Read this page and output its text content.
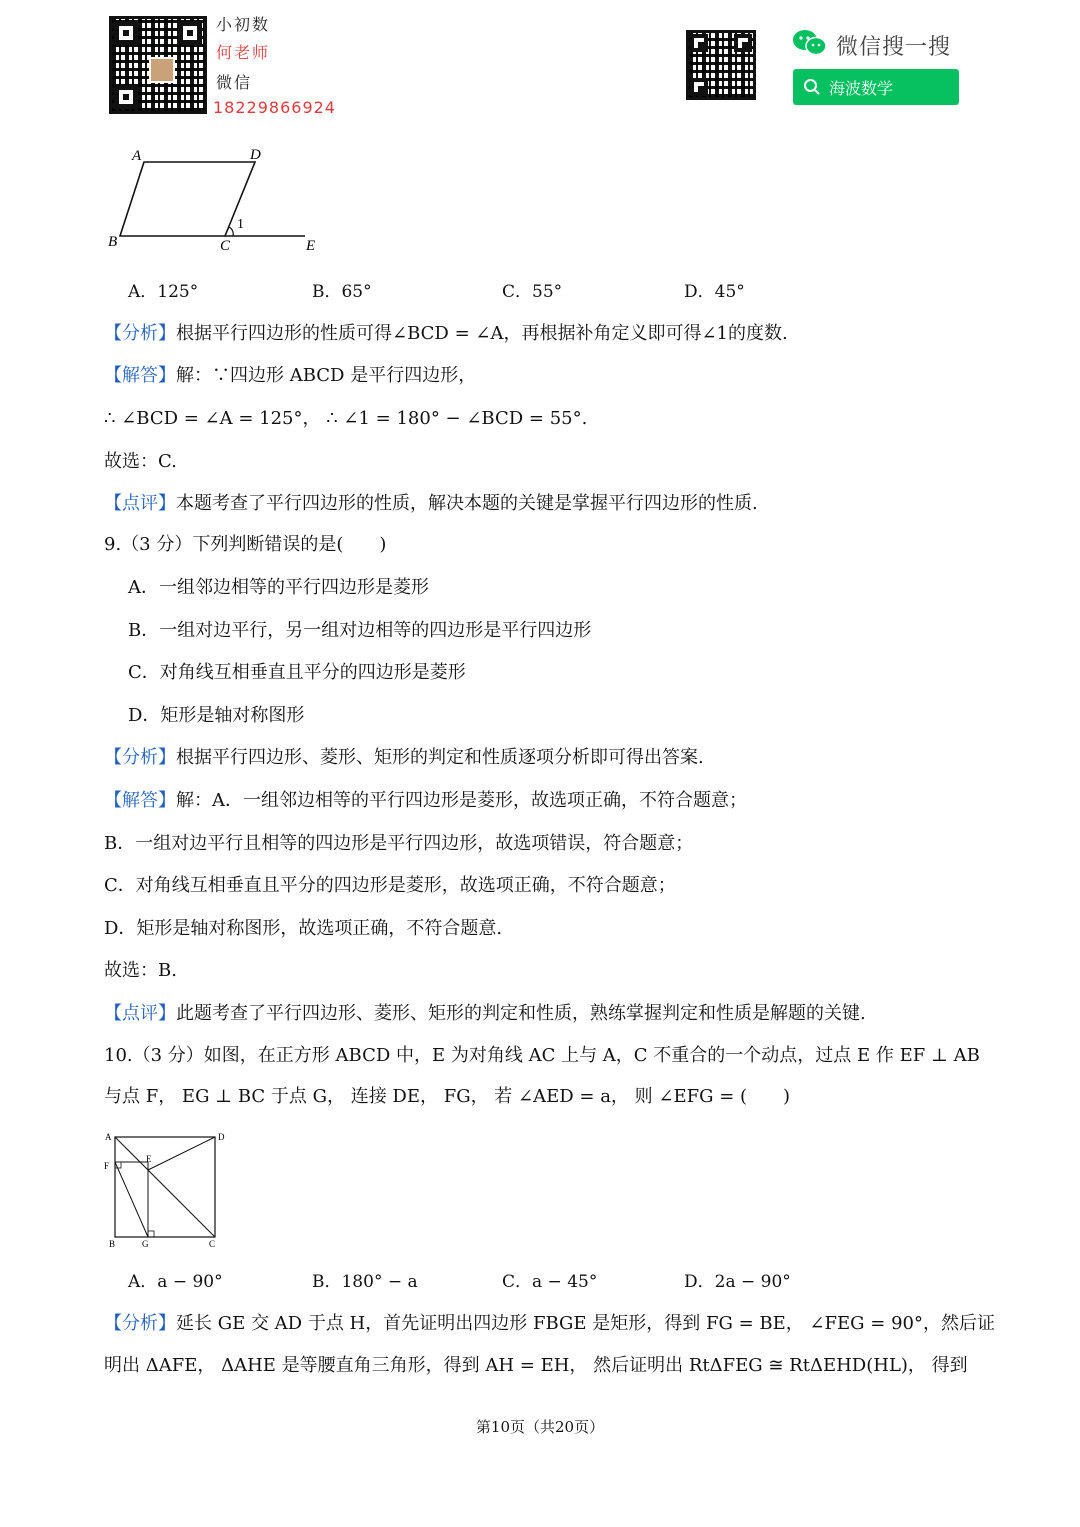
小初数
何老师
微信
18229866924
微信搜一搜
海波数学
A	D
B	C	E
1
A．125°	B．65°	C．55°	D．45°
【分析】根据平行四边形的性质可得∠BCD = ∠A，再根据补角定义即可得∠1的度数.
【解答】解：∵四边形 ABCD 是平行四边形，
∴ ∠BCD = ∠A = 125°， ∴ ∠1 = 180° − ∠BCD = 55°.
故选：C.
【点评】本题考查了平行四边形的性质，解决本题的关键是掌握平行四边形的性质.
9.（3 分）下列判断错误的是(　　)
A．一组邻边相等的平行四边形是菱形
B．一组对边平行，另一组对边相等的四边形是平行四边形
C．对角线互相垂直且平分的四边形是菱形
D．矩形是轴对称图形
【分析】根据平行四边形、菱形、矩形的判定和性质逐项分析即可得出答案.
【解答】解：A．一组邻边相等的平行四边形是菱形，故选项正确，不符合题意；
B．一组对边平行且相等的四边形是平行四边形，故选项错误，符合题意；
C．对角线互相垂直且平分的四边形是菱形，故选项正确，不符合题意；
D．矩形是轴对称图形，故选项正确，不符合题意.
故选：B.
【点评】此题考查了平行四边形、菱形、矩形的判定和性质，熟练掌握判定和性质是解题的关键.
10.（3 分）如图，在正方形 ABCD 中，E 为对角线 AC 上与 A，C 不重合的一个动点，过点 E 作 EF ⊥ AB
与点 F， EG ⊥ BC 于点 G， 连接 DE， FG， 若 ∠AED = a， 则 ∠EFG = (　　)
A	D
F
E
B	G	C
A．a − 90°	B．180° − a	C．a − 45°	D．2a − 90°
【分析】延长 GE 交 AD 于点 H，首先证明出四边形 FBGE 是矩形，得到 FG = BE， ∠FEG = 90°，然后证
明出 ΔAFE， ΔAHE 是等腰直角三角形，得到 AH = EH， 然后证明出 RtΔFEG ≅ RtΔEHD(HL)， 得到
第10页（共20页）
